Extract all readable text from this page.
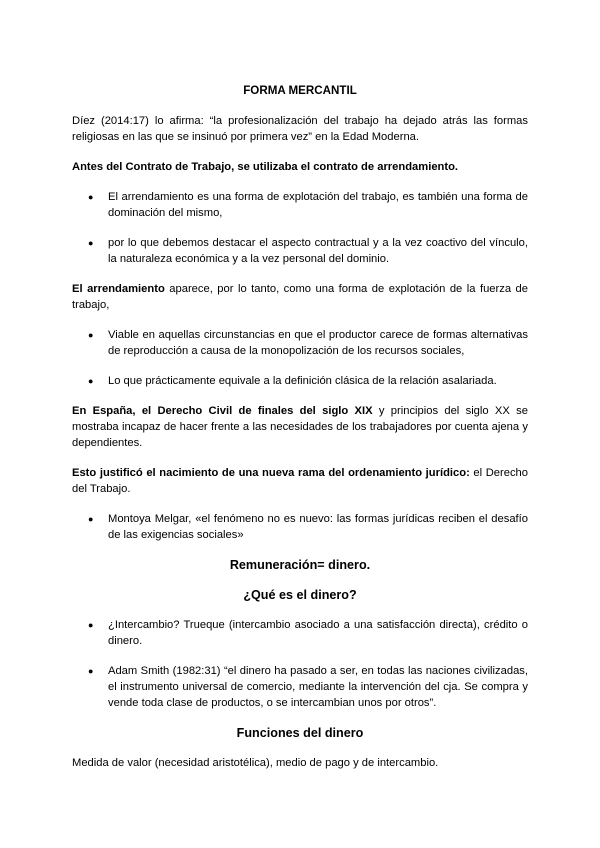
FORMA MERCANTIL

Díez (2014:17) lo afirma: “la profesionalización del trabajo ha dejado atrás las formas religiosas en las que se insinuó por primera vez” en la Edad Moderna.

Antes del Contrato de Trabajo, se utilizaba el contrato de arrendamiento.

● El arrendamiento es una forma de explotación del trabajo, es también una forma de dominación del mismo,
● por lo que debemos destacar el aspecto contractual y a la vez coactivo del vínculo, la naturaleza económica y a la vez personal del dominio.

El arrendamiento aparece, por lo tanto, como una forma de explotación de la fuerza de trabajo,

● Viable en aquellas circunstancias en que el productor carece de formas alternativas de reproducción a causa de la monopolización de los recursos sociales,
● Lo que prácticamente equivale a la definición clásica de la relación asalariada.

En España, el Derecho Civil de finales del siglo XIX y principios del siglo XX se mostraba incapaz de hacer frente a las necesidades de los trabajadores por cuenta ajena y dependientes.

Esto justificó el nacimiento de una nueva rama del ordenamiento jurídico: el Derecho del Trabajo.

● Montoya Melgar, «el fenómeno no es nuevo: las formas jurídicas reciben el desafío de las exigencias sociales»
Remuneración= dinero.
¿Qué es el dinero?
● ¿Intercambio? Trueque (intercambio asociado a una satisfacción directa), crédito o dinero.
● Adam Smith (1982:31) “el dinero ha pasado a ser, en todas las naciones civilizadas, el instrumento universal de comercio, mediante la intervención del cja. Se compra y vende toda clase de productos, o se intercambian unos por otros”.
Funciones del dinero

Medida de valor (necesidad aristotélica), medio de pago y de intercambio.
